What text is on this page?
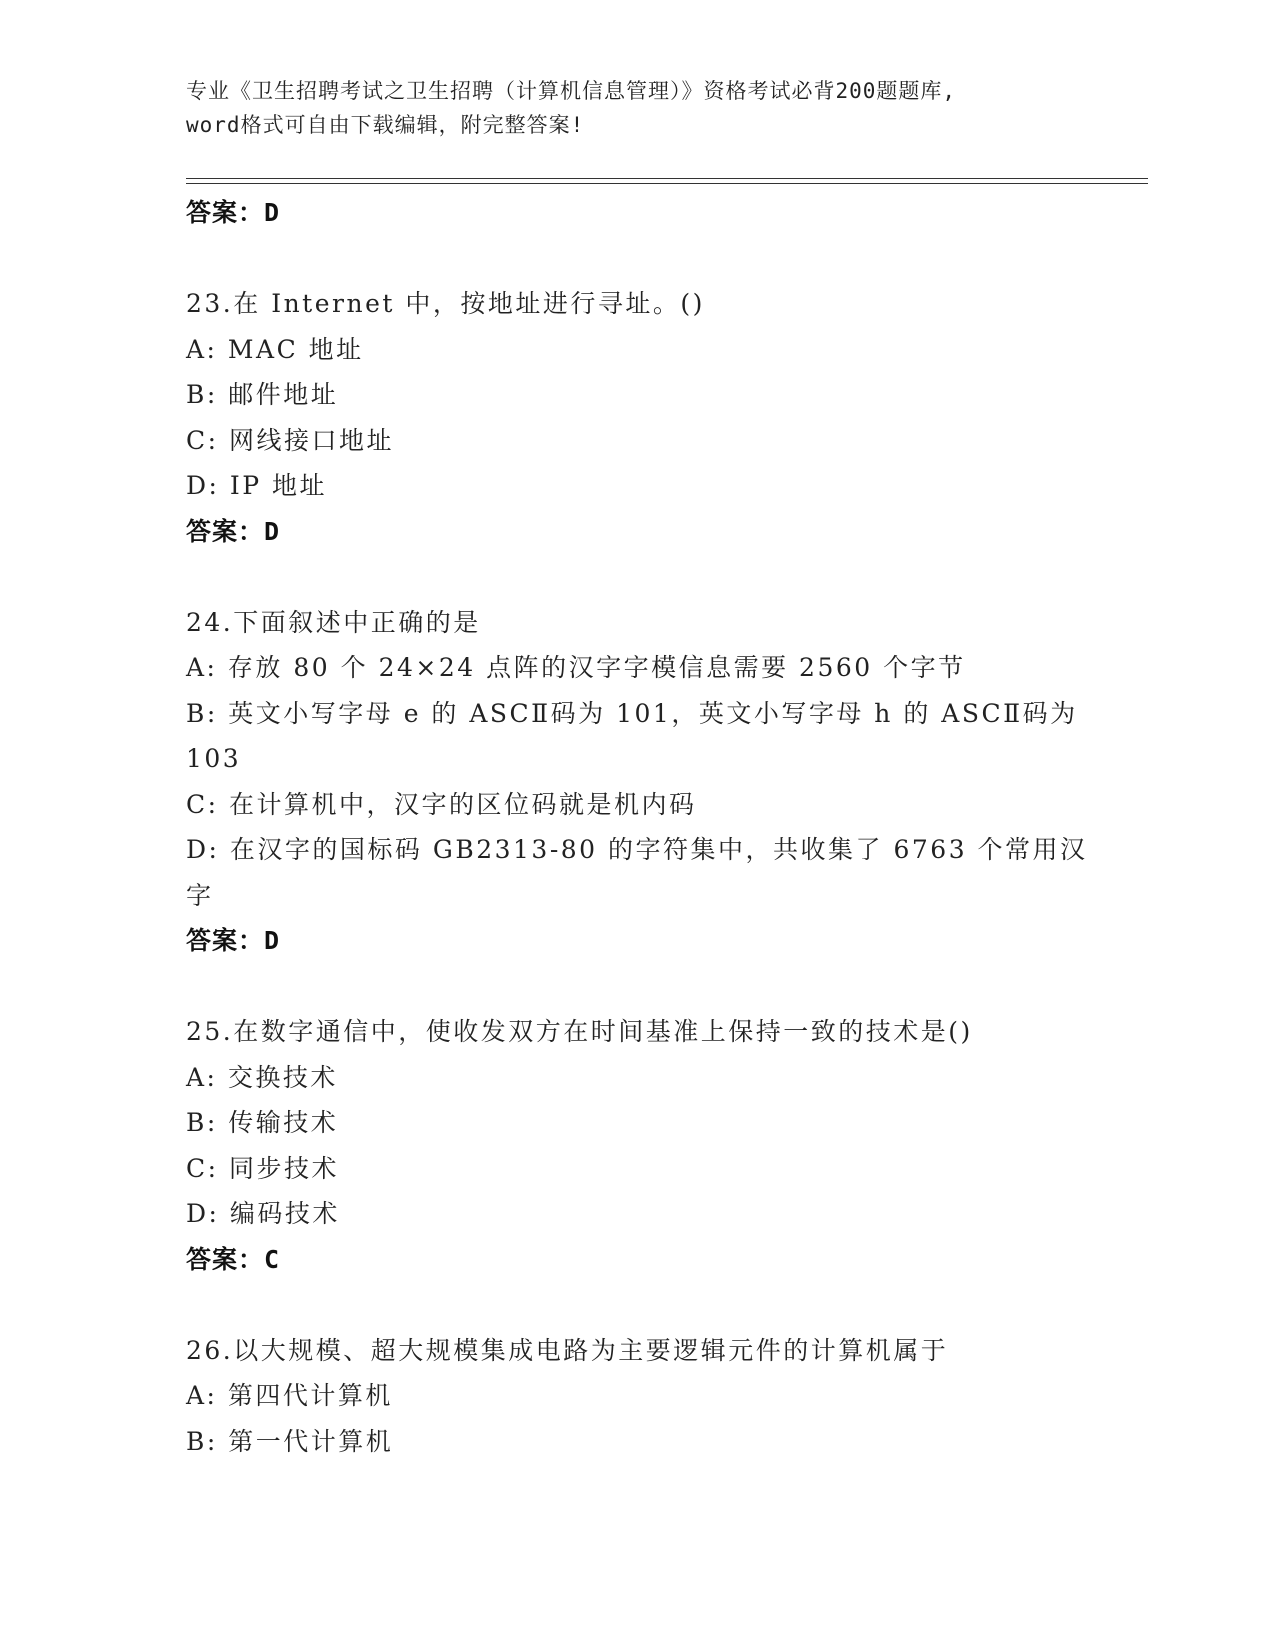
专业《卫生招聘考试之卫生招聘（计算机信息管理）》资格考试必背200题题库,
word格式可自由下载编辑，附完整答案!
答案：D
23.在 Internet 中，按地址进行寻址。()
A: MAC 地址
B: 邮件地址
C: 网线接口地址
D: IP 地址
答案：D
24.下面叙述中正确的是
A: 存放 80 个 24×24 点阵的汉字字模信息需要 2560 个字节
B: 英文小写字母 e 的 ASCⅡ码为 101，英文小写字母 h 的 ASCⅡ码为
103
C: 在计算机中，汉字的区位码就是机内码
D: 在汉字的国标码 GB2313-80 的字符集中，共收集了 6763 个常用汉
字
答案：D
25.在数字通信中，使收发双方在时间基准上保持一致的技术是()
A: 交换技术
B: 传输技术
C: 同步技术
D: 编码技术
答案：C
26.以大规模、超大规模集成电路为主要逻辑元件的计算机属于
A: 第四代计算机
B: 第一代计算机
